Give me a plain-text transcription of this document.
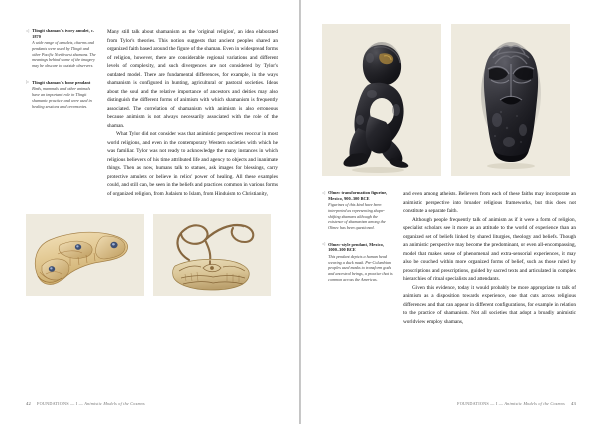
◁ Tlingit shaman's ivory amulet, c. 1870

A wide range of amulets, charms and pendants were used by Tlingit and other Pacific Northwest shamans. The meanings behind some of the imagery may be obscure to outside observers.

▷ Tlingit shaman's bone pendant

Birds, mammals and other animals have an important role in Tlingit shamanic practice and were used in healing sessions and ceremonies.

Many still talk about shamanism as the 'original religion', an idea elaborated from Tylor's theories. This notion suggests that ancient peoples shared an organized faith based around the figure of the shaman. Even in widespread forms of religion, however, there are considerable regional variations and different levels of complexity, and such divergences are not considered by Tylor's outdated model. There are fundamental differences, for example, in the ways shamanism is configured in hunting, agricultural or pastoral societies. Ideas about the soul and the relative importance of ancestors and deities may also distinguish the different forms of animism with which shamanism is frequently associated. The correlation of shamanism with animism is also erroneous because animism is not always necessarily associated with the role of the shaman.

What Tylor did not consider was that animistic perspectives reoccur in most world religions, and even in the contemporary Western societies with which he was familiar. Tylor was not ready to acknowledge the many instances in which religious believers of his time attributed life and agency to objects and inanimate things. Then as now, humans talk to statues, ask images for blessings, carry protective amulets or believe in relics' power of healing. All these examples could, and still can, be seen in the beliefs and practices common in various forms of organized religion, from Judaism to Islam, from Hinduism to Christianity,

42 FOUNDATIONS — I — Animistic Models of the Cosmos
◁ Olmec transformation figurine, Mexico, 900–300 BCE

Figurines of this kind have been interpreted as representing shape-shifting shamans although the existence of shamanism among the Olmec has been questioned.

◁ Olmec-style pendant, Mexico, 1000–300 BCE

This pendant depicts a human head wearing a duck mask. Pre-Columbian peoples used masks to transform gods and ancestral beings, a practice that is common across the Americas.

and even among atheists. Believers from each of these faiths may incorporate an animistic perspective into broader religious frameworks, but this does not constitute a separate faith.

Although people frequently talk of animism as if it were a form of religion, specialist scholars see it more as an attitude to the world of experience than an organized set of beliefs linked by shared liturgies, theology and beliefs. Though an animistic perspective may become the predominant, or even all-encompassing, model that makes sense of phenomenal and extra-sensorial experiences, it may also be couched within more organized forms of belief, such as those ruled by proscriptions and prescriptions, guided by sacred texts and articulated in complex hierarchies of ritual specialists and attendants.

Given this evidence, today it would probably be more appropriate to talk of animism as a disposition towards experience, one that cuts across religious differences and that can appear in different configurations, for example in relation to the practice of shamanism. Not all societies that adopt a broadly animistic worldview employ shamans,

43
FOUNDATIONS — I — Animistic Models of the Cosmos
